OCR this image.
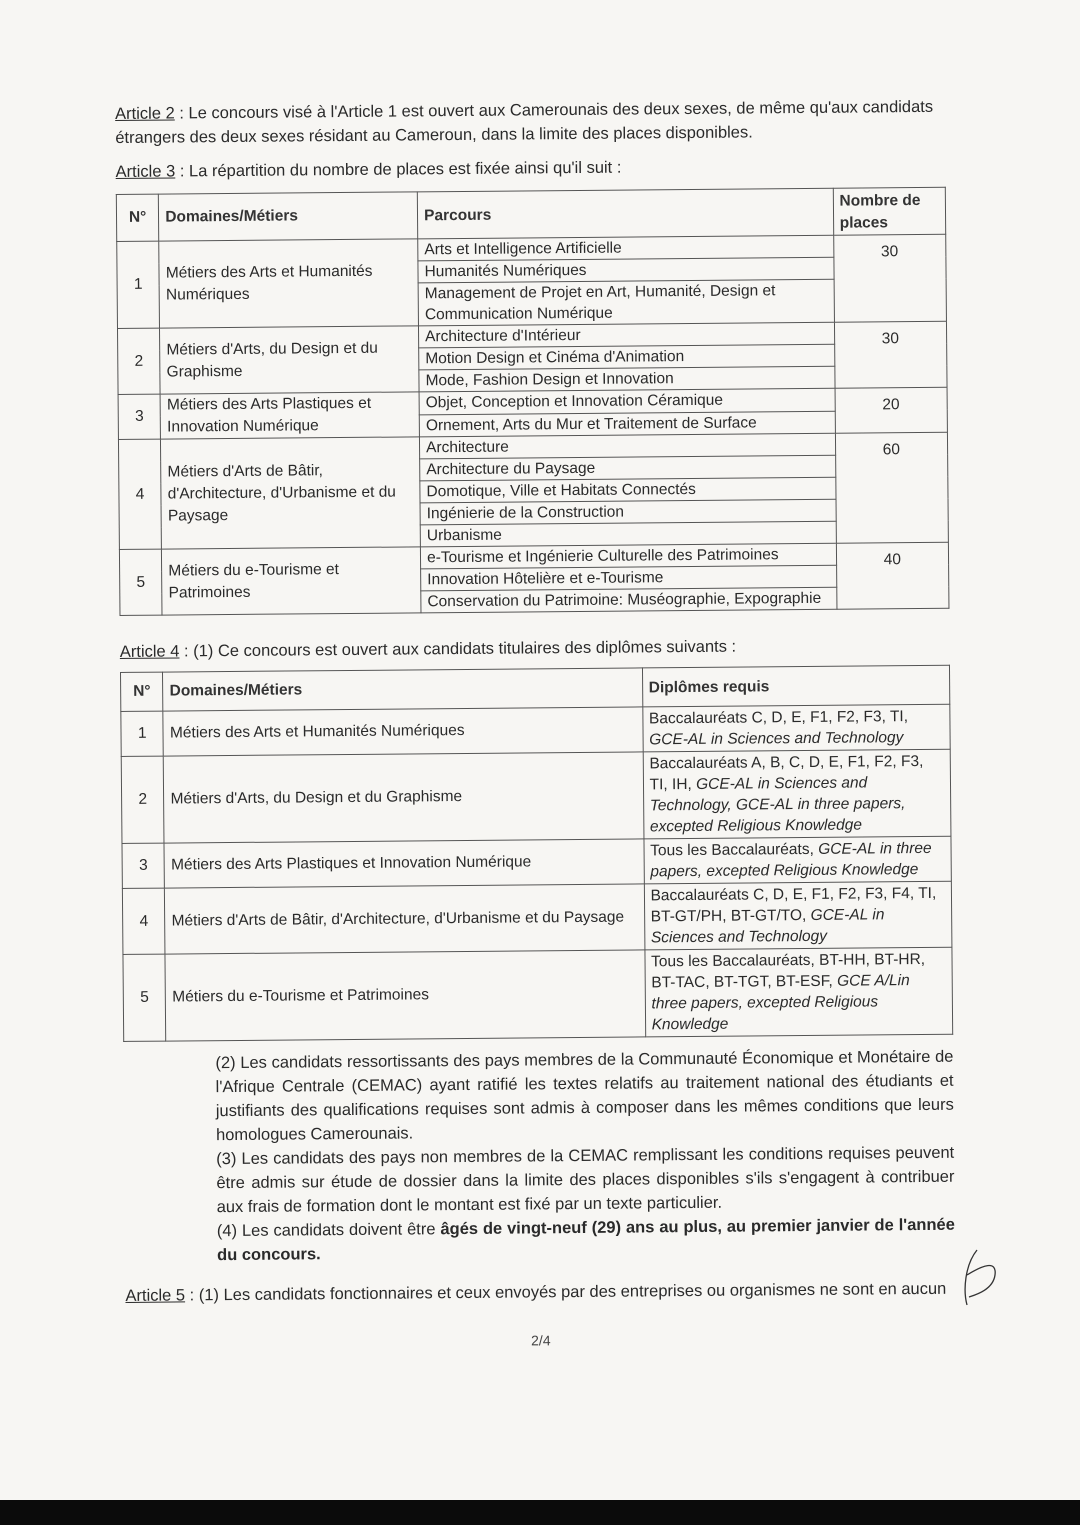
Article 2 : Le concours visé à l'Article 1 est ouvert aux Camerounais des deux sexes, de même qu'aux candidats étrangers des deux sexes résidant au Cameroun, dans la limite des places disponibles.

Article 3 : La répartition du nombre de places est fixée ainsi qu'il suit :

N°	Domaines/Métiers	Parcours	Nombre de places
1	Métiers des Arts et Humanités Numériques	Arts et Intelligence Artificielle	30
		Humanités Numériques	
		Management de Projet en Art, Humanité, Design et Communication Numérique	
2	Métiers d'Arts, du Design et du Graphisme	Architecture d'Intérieur	30
		Motion Design et Cinéma d'Animation	
		Mode, Fashion Design et Innovation	
3	Métiers des Arts Plastiques et Innovation Numérique	Objet, Conception et Innovation Céramique	20
		Ornement, Arts du Mur et Traitement de Surface	
4	Métiers d'Arts de Bâtir, d'Architecture, d'Urbanisme et du Paysage	Architecture	60
		Architecture du Paysage	
		Domotique, Ville et Habitats Connectés	
		Ingénierie de la Construction	
		Urbanisme	
5	Métiers du e-Tourisme et Patrimoines	e-Tourisme et Ingénierie Culturelle des Patrimoines	40
		Innovation Hôtelière et e-Tourisme	
		Conservation du Patrimoine: Muséographie, Expographie	

Article 4 : (1) Ce concours est ouvert aux candidats titulaires des diplômes suivants :

N°	Domaines/Métiers	Diplômes requis
1	Métiers des Arts et Humanités Numériques	Baccalauréats C, D, E, F1, F2, F3, TI, GCE-AL in Sciences and Technology
2	Métiers d'Arts, du Design et du Graphisme	Baccalauréats A, B, C, D, E, F1, F2, F3, TI, IH, GCE-AL in Sciences and Technology, GCE-AL in three papers, excepted Religious Knowledge
3	Métiers des Arts Plastiques et Innovation Numérique	Tous les Baccalauréats, GCE-AL in three papers, excepted Religious Knowledge
4	Métiers d'Arts de Bâtir, d'Architecture, d'Urbanisme et du Paysage	Baccalauréats C, D, E, F1, F2, F3, F4, TI, BT-GT/PH, BT-GT/TO, GCE-AL in Sciences and Technology
5	Métiers du e-Tourisme et Patrimoines	Tous les Baccalauréats, BT-HH, BT-HR, BT-TAC, BT-TGT, BT-ESF, GCE A/Lin three papers, excepted Religious Knowledge

(2) Les candidats ressortissants des pays membres de la Communauté Économique et Monétaire de l'Afrique Centrale (CEMAC) ayant ratifié les textes relatifs au traitement national des étudiants et justifiants des qualifications requises sont admis à composer dans les mêmes conditions que leurs homologues Camerounais.

(3) Les candidats des pays non membres de la CEMAC remplissant les conditions requises peuvent être admis sur étude de dossier dans la limite des places disponibles s'ils s'engagent à contribuer aux frais de formation dont le montant est fixé par un texte particulier.

(4) Les candidats doivent être âgés de vingt-neuf (29) ans au plus, au premier janvier de l'année du concours.

Article 5 : (1) Les candidats fonctionnaires et ceux envoyés par des entreprises ou organismes ne sont en aucun

2/4
